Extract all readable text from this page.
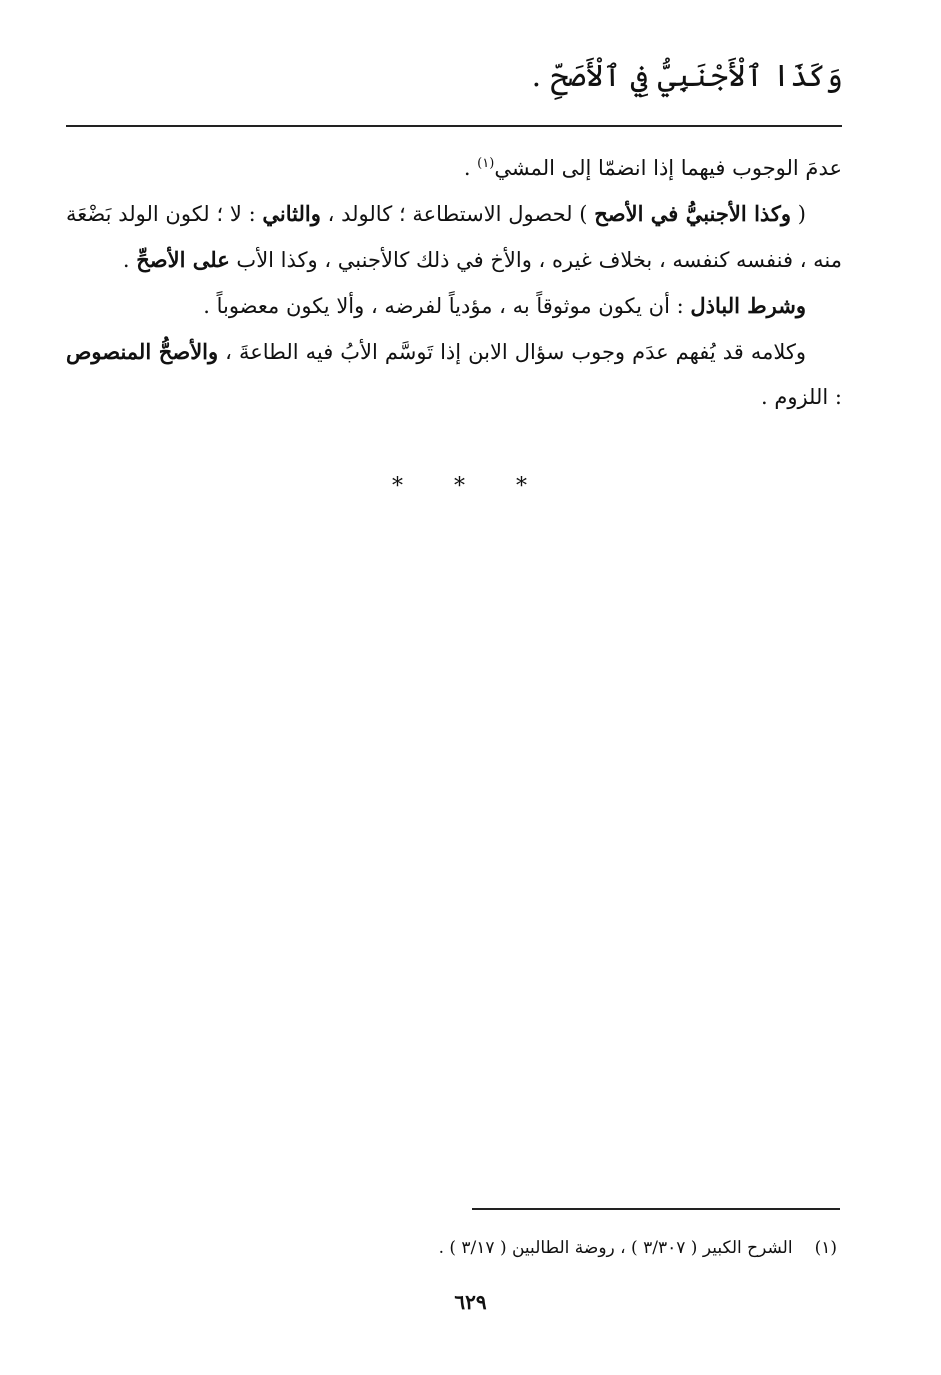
وَكَذَا ٱلْأَجْنَبِيُّ فِي ٱلْأَصَحِّ .

عدمَ الوجوب فيهما إذا انضمّا إلى المشي$^{(١)}$ .

( وكذا الأجنبيُّ في الأصح ) لحصول الاستطاعة ؛ كالولد ، والثاني : لا ؛ لكون الولد بَضْعَة منه ، فنفسه كنفسه ، بخلاف غيره ، والأخ في ذلك كالأجنبي ، وكذا الأب على الأصحِّ .

وشرط الباذل : أن يكون موثوقاً به ، مؤدياً لفرضه ، وألا يكون معضوباً .

وكلامه قد يُفهم عدَم وجوب سؤال الابن إذا تَوسَّم الأبُ فيه الطاعةَ ، والأصحُّ المنصوص : اللزوم .

* * *
(١)الشرح الكبير ( ٣/٣٠٧ ) ، روضة الطالبين ( ٣/١٧ ) .
٦٢٩
